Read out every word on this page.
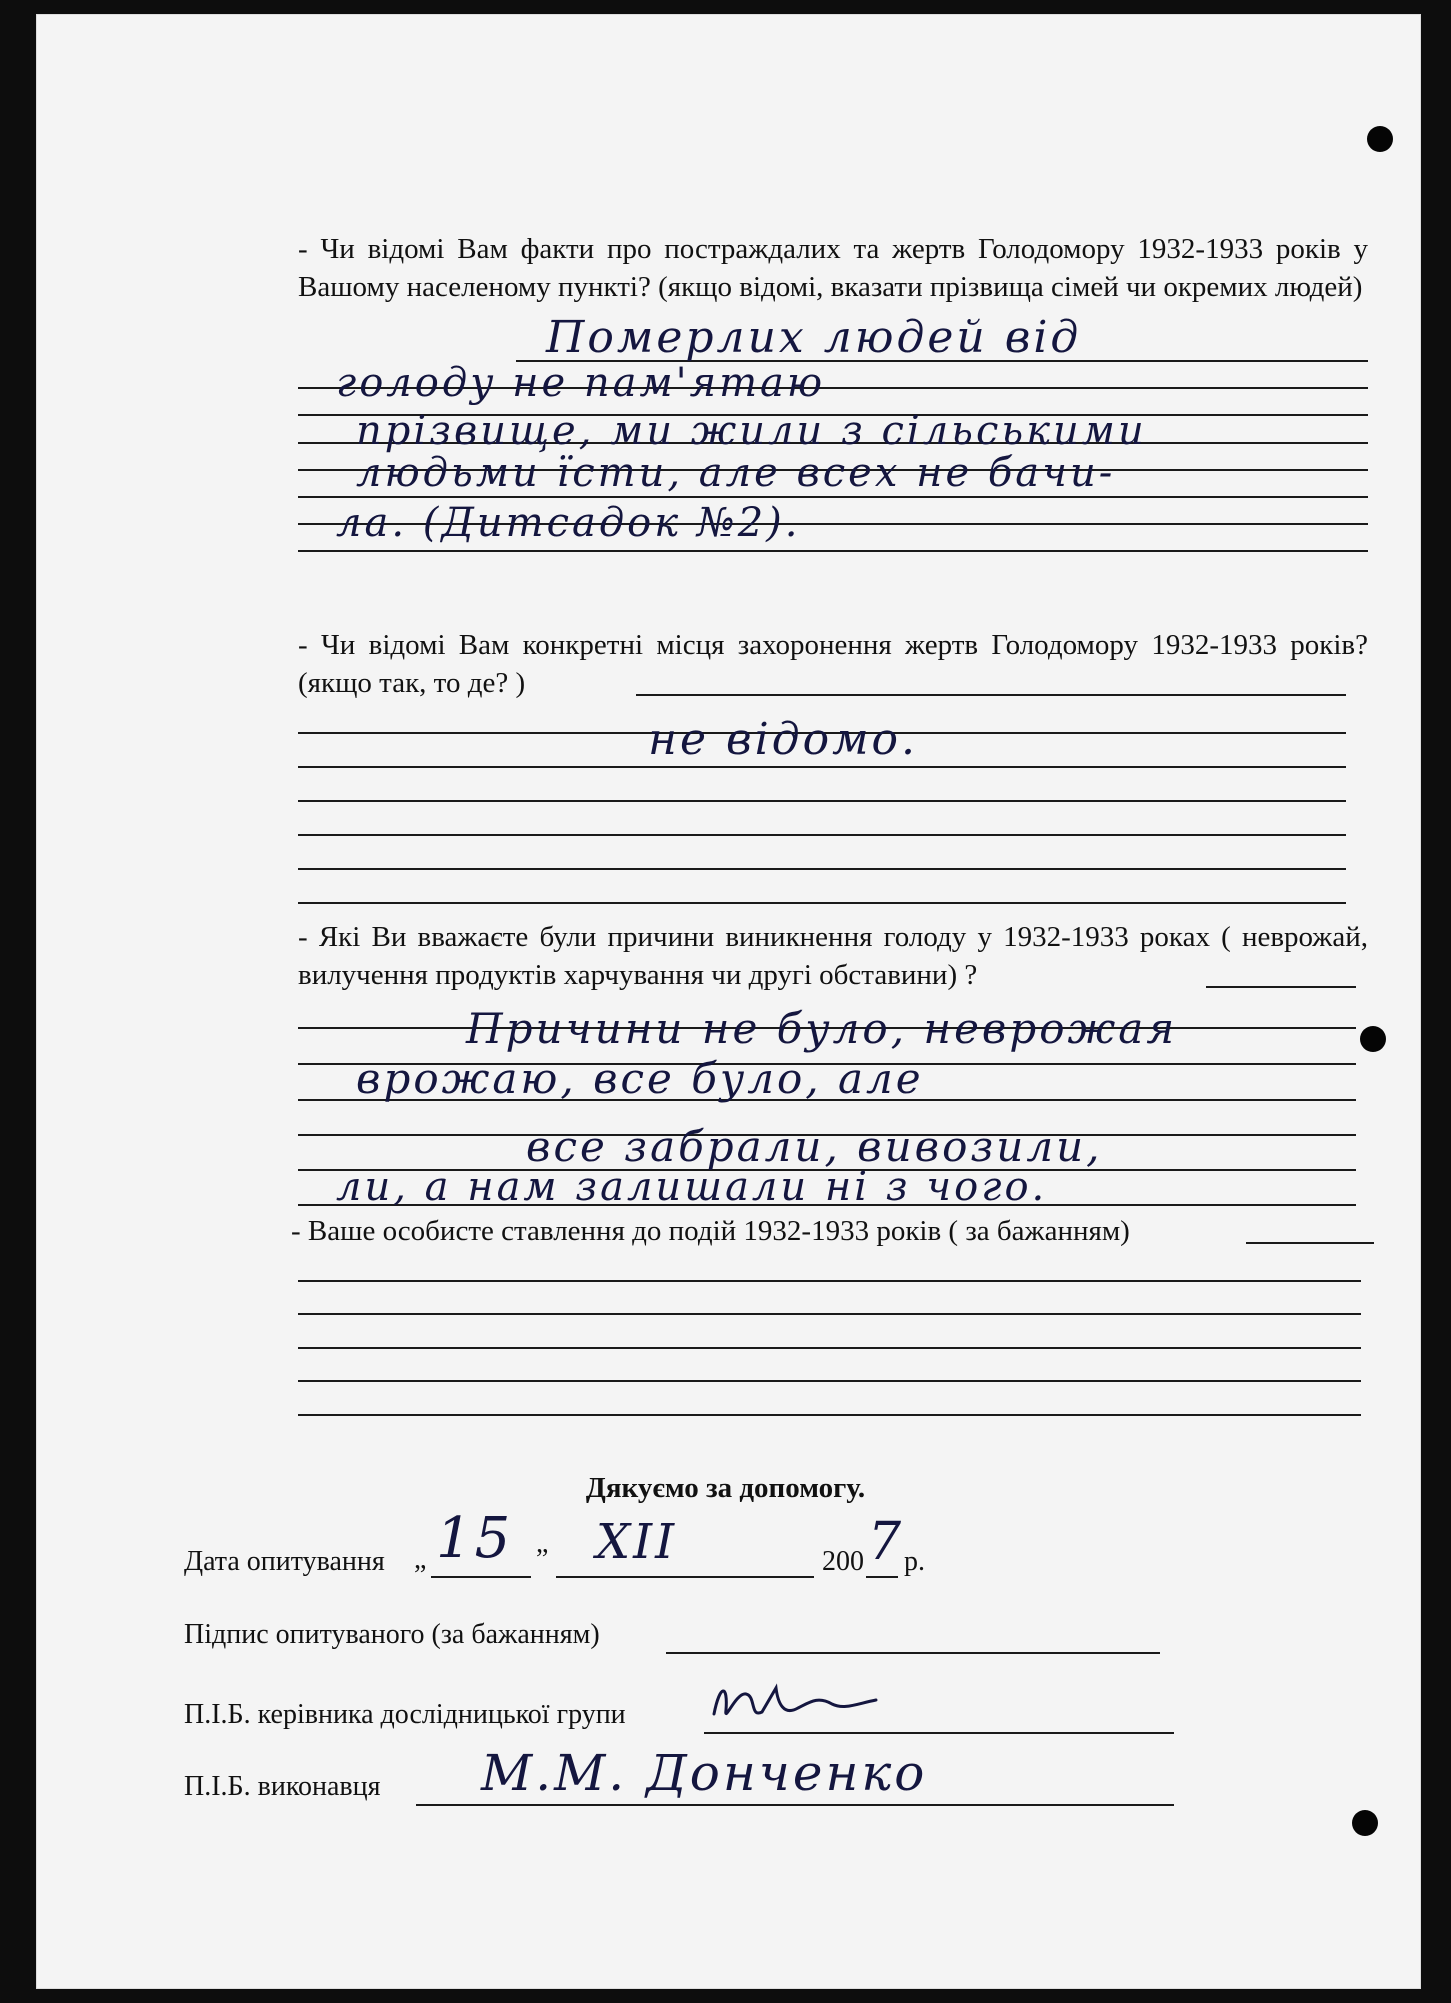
- Чи відомі Вам факти про постраждалих та жертв Голодомору 1932-1933 років у Вашому населеному пункті? (якщо відомі, вказати прізвища сімей чи окремих людей)
Померлих людей від
голоду не пам'ятаю
прізвище, ми жили з сільськими
людьми їсти, але всех не бачи-
ла. (Дитсадок №2).
- Чи відомі Вам конкретні місця захоронення жертв Голодомору 1932-1933 років? (якщо так, то де? )
не відомо.
- Які Ви вважаєте були причини виникнення голоду у 1932-1933 роках ( неврожай, вилучення продуктів харчування чи другі обставини) ?
Причини не було, неврожая
врожаю, все було, але
все забрали, вивозили,
ли, а нам залишали ні з чого.
- Ваше особисте ставлення до подій 1932-1933 років ( за бажанням)
Дякуємо за допомогу.
Дата опитування „ 15 ” XII	200 7 р.
Підпис опитуваного (за бажанням)
П.І.Б. керівника дослідницької групи
П.І.Б. виконавця М.М. Донченко
